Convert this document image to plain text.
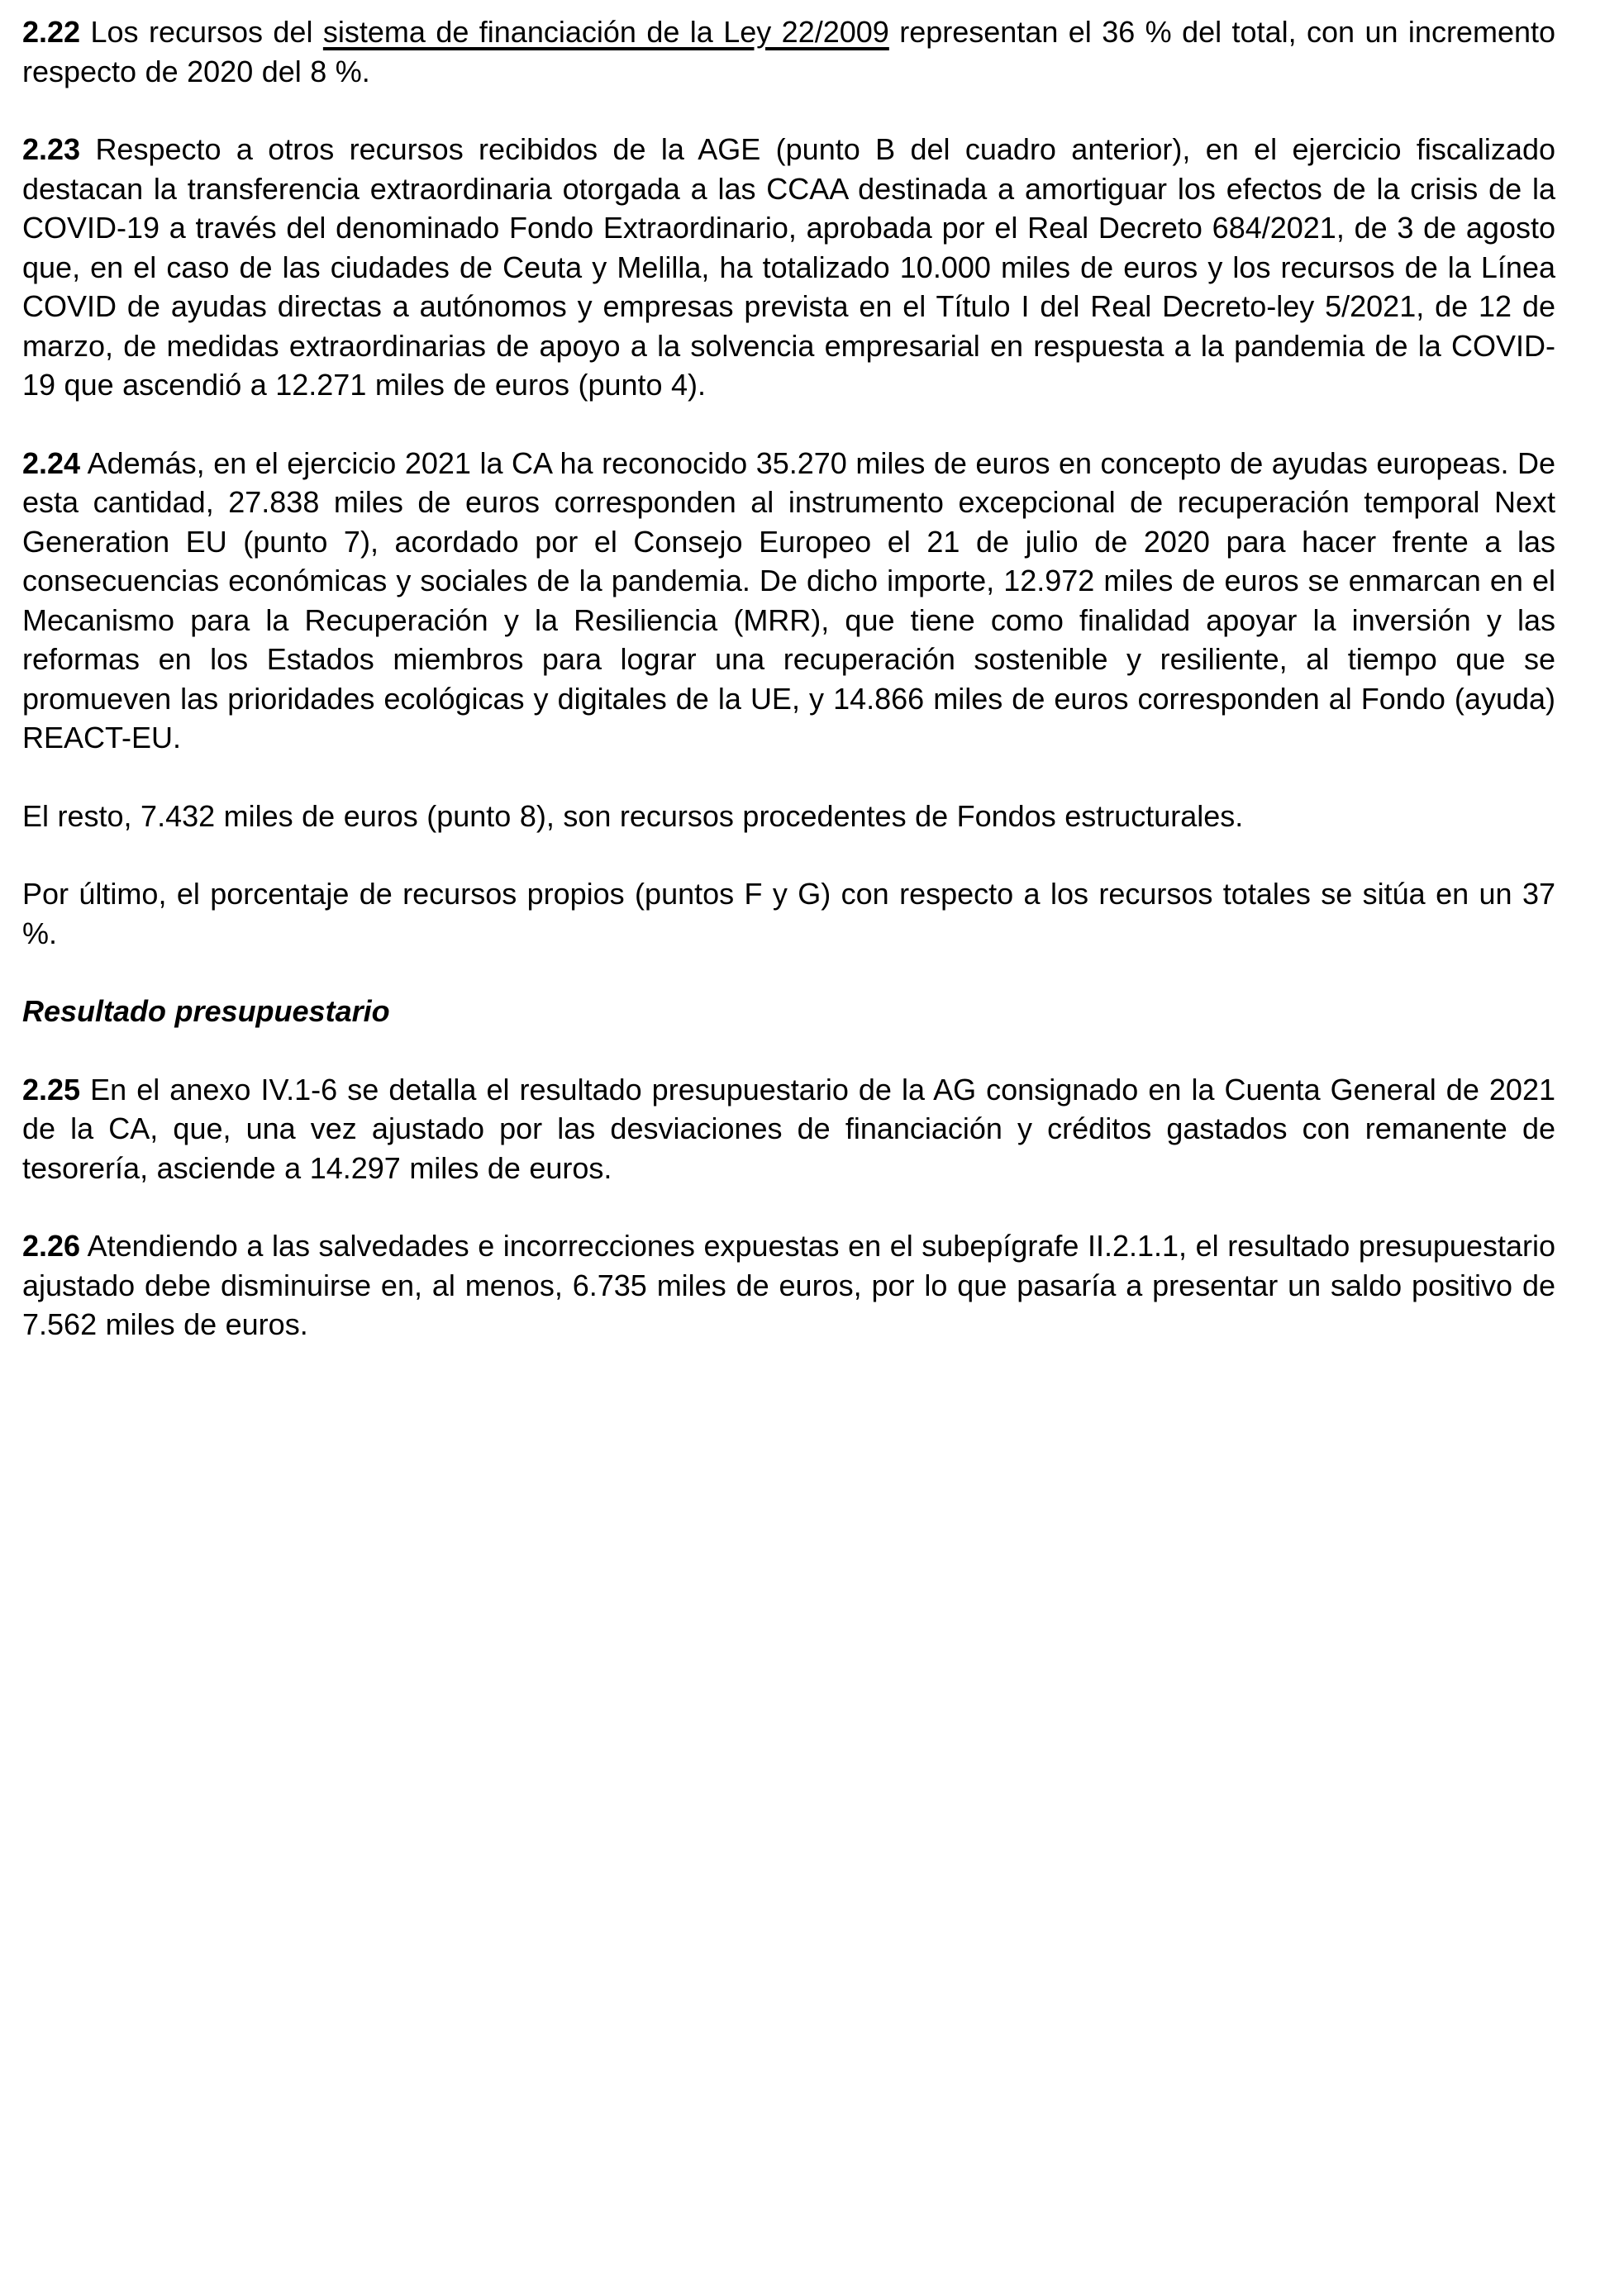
2.22 Los recursos del sistema de financiación de la Ley 22/2009 representan el 36 % del total, con un incremento respecto de 2020 del 8 %.

2.23 Respecto a otros recursos recibidos de la AGE (punto B del cuadro anterior), en el ejercicio fiscalizado destacan la transferencia extraordinaria otorgada a las CCAA destinada a amortiguar los efectos de la crisis de la COVID-19 a través del denominado Fondo Extraordinario, aprobada por el Real Decreto 684/2021, de 3 de agosto que, en el caso de las ciudades de Ceuta y Melilla, ha totalizado 10.000 miles de euros y los recursos de la Línea COVID de ayudas directas a autónomos y empresas prevista en el Título I del Real Decreto-ley 5/2021, de 12 de marzo, de medidas extraordinarias de apoyo a la solvencia empresarial en respuesta a la pandemia de la COVID-19 que ascendió a 12.271 miles de euros (punto 4).

2.24 Además, en el ejercicio 2021 la CA ha reconocido 35.270 miles de euros en concepto de ayudas europeas. De esta cantidad, 27.838 miles de euros corresponden al instrumento excepcional de recuperación temporal Next Generation EU (punto 7), acordado por el Consejo Europeo el 21 de julio de 2020 para hacer frente a las consecuencias económicas y sociales de la pandemia. De dicho importe, 12.972 miles de euros se enmarcan en el Mecanismo para la Recuperación y la Resiliencia (MRR), que tiene como finalidad apoyar la inversión y las reformas en los Estados miembros para lograr una recuperación sostenible y resiliente, al tiempo que se promueven las prioridades ecológicas y digitales de la UE, y 14.866 miles de euros corresponden al Fondo (ayuda) REACT-EU.

El resto, 7.432 miles de euros (punto 8), son recursos procedentes de Fondos estructurales.

Por último, el porcentaje de recursos propios (puntos F y G) con respecto a los recursos totales se sitúa en un 37 %.

Resultado presupuestario

2.25 En el anexo IV.1-6 se detalla el resultado presupuestario de la AG consignado en la Cuenta General de 2021 de la CA, que, una vez ajustado por las desviaciones de financiación y créditos gastados con remanente de tesorería, asciende a 14.297 miles de euros.

2.26 Atendiendo a las salvedades e incorrecciones expuestas en el subepígrafe II.2.1.1, el resultado presupuestario ajustado debe disminuirse en, al menos, 6.735 miles de euros, por lo que pasaría a presentar un saldo positivo de 7.562 miles de euros.
